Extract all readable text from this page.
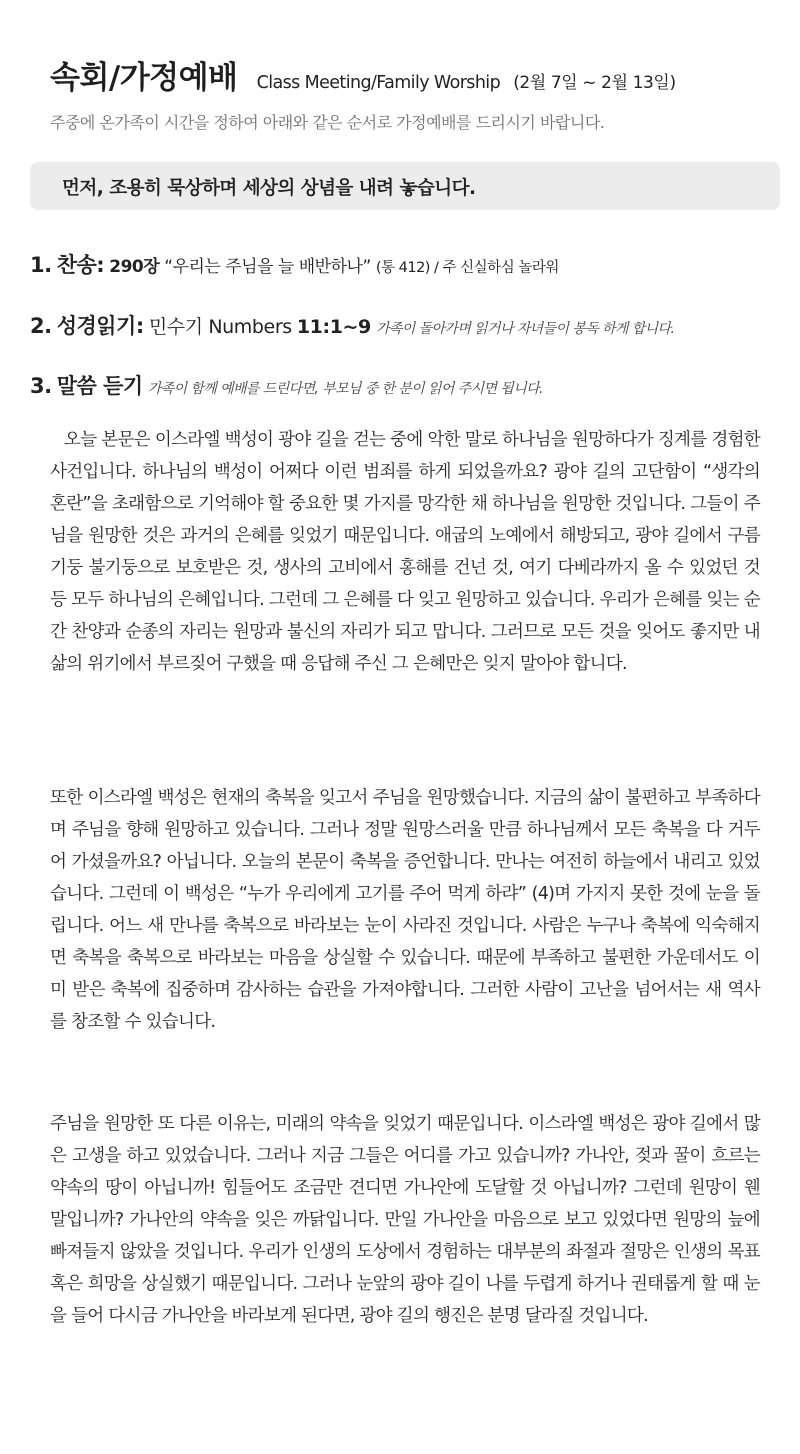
속회/가정예배 Class Meeting/Family Worship (2월 7일 ~ 2월 13일)
주중에 온가족이 시간을 정하여 아래와 같은 순서로 가정예배를 드리시기 바랍니다.
먼저, 조용히 묵상하며 세상의 상념을 내려 놓습니다.
1. 찬송: 290장 “우리는 주님을 늘 배반하나” (통 412) / 주 신실하심 놀라워
2. 성경읽기: 민수기 Numbers 11:1~9 가족이 돌아가며 읽거나 자녀들이 봉독 하게 합니다.
3. 말씀 듣기 가족이 함께 예배를 드린다면, 부모님 중 한 분이 읽어 주시면 됩니다.

오늘 본문은 이스라엘 백성이 광야 길을 걷는 중에 악한 말로 하나님을 원망하다가 징계를 경험한 사건입니다. 하나님의 백성이 어쩌다 이런 범죄를 하게 되었을까요? 광야 길의 고단함이 “생각의 혼란”을 초래함으로 기억해야 할 중요한 몇 가지를 망각한 채 하나님을 원망한 것입니다. 그들이 주님을 원망한 것은 과거의 은혜를 잊었기 때문입니다. 애굽의 노예에서 해방되고, 광야 길에서 구름기둥 불기둥으로 보호받은 것, 생사의 고비에서 홍해를 건넌 것, 여기 다베라까지 올 수 있었던 것 등 모두 하나님의 은혜입니다. 그런데 그 은혜를 다 잊고 원망하고 있습니다. 우리가 은혜를 잊는 순간 찬양과 순종의 자리는 원망과 불신의 자리가 되고 맙니다. 그러므로 모든 것을 잊어도 좋지만 내 삶의 위기에서 부르짖어 구했을 때 응답해 주신 그 은혜만은 잊지 말아야 합니다.

또한 이스라엘 백성은 현재의 축복을 잊고서 주님을 원망했습니다. 지금의 삶이 불편하고 부족하다며 주님을 향해 원망하고 있습니다. 그러나 정말 원망스러울 만큼 하나님께서 모든 축복을 다 거두어 가셨을까요? 아닙니다. 오늘의 본문이 축복을 증언합니다. 만나는 여전히 하늘에서 내리고 있었습니다. 그런데 이 백성은 “누가 우리에게 고기를 주어 먹게 하랴” (4)며 가지지 못한 것에 눈을 돌립니다. 어느 새 만나를 축복으로 바라보는 눈이 사라진 것입니다. 사람은 누구나 축복에 익숙해지면 축복을 축복으로 바라보는 마음을 상실할 수 있습니다. 때문에 부족하고 불편한 가운데서도 이미 받은 축복에 집중하며 감사하는 습관을 가져야합니다. 그러한 사람이 고난을 넘어서는 새 역사를 창조할 수 있습니다.

주님을 원망한 또 다른 이유는, 미래의 약속을 잊었기 때문입니다. 이스라엘 백성은 광야 길에서 많은 고생을 하고 있었습니다. 그러나 지금 그들은 어디를 가고 있습니까? 가나안, 젖과 꿀이 흐르는 약속의 땅이 아닙니까! 힘들어도 조금만 견디면 가나안에 도달할 것 아닙니까? 그런데 원망이 웬 말입니까? 가나안의 약속을 잊은 까닭입니다. 만일 가나안을 마음으로 보고 있었다면 원망의 늪에 빠져들지 않았을 것입니다. 우리가 인생의 도상에서 경험하는 대부분의 좌절과 절망은 인생의 목표 혹은 희망을 상실했기 때문입니다. 그러나 눈앞의 광야 길이 나를 두렵게 하거나 권태롭게 할 때 눈을 들어 다시금 가나안을 바라보게 된다면, 광야 길의 행진은 분명 달라질 것입니다.
